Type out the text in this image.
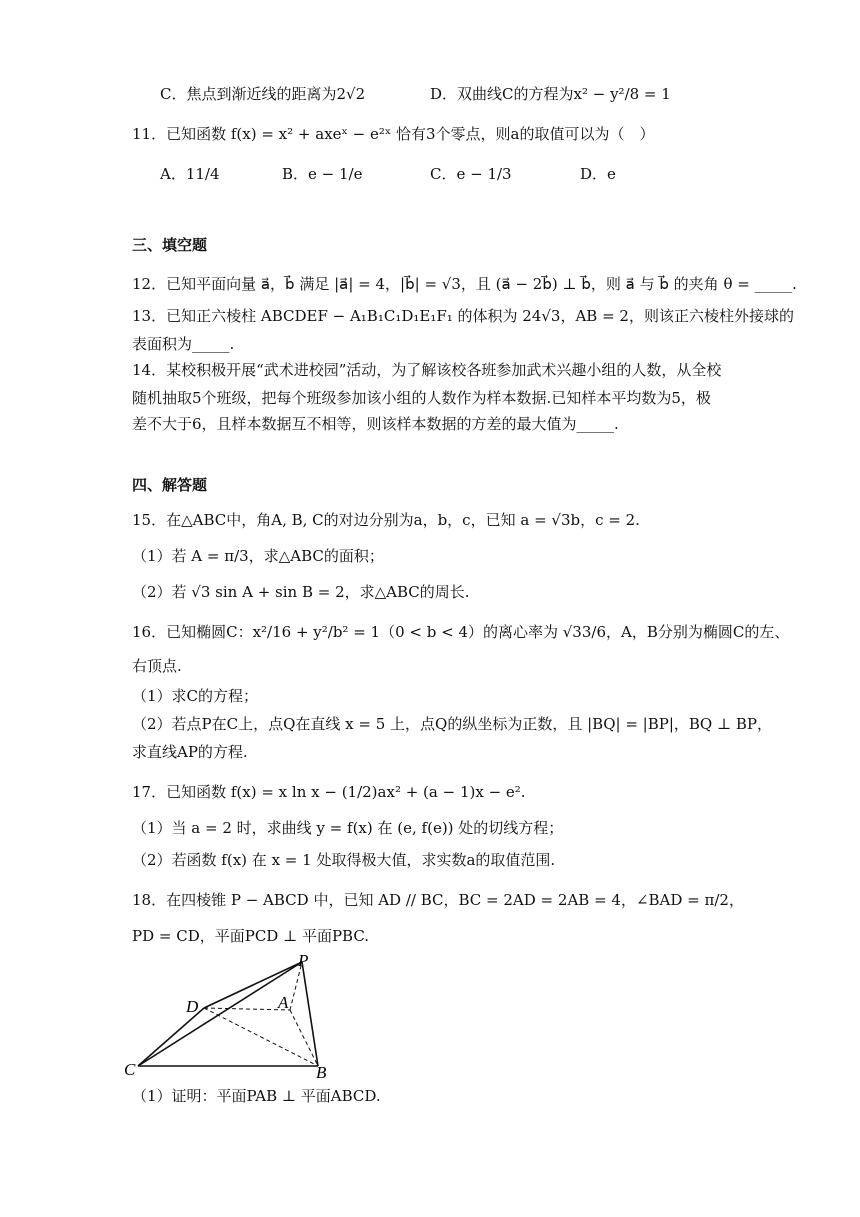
C．焦点到渐近线的距离为2√2	D．双曲线C的方程为x² − y²/8 = 1
11．已知函数 f(x) = x² + axeˣ − e²ˣ 恰有3个零点，则a的取值可以为（　）
A．11/4	B．e − 1/e	C．e − 1/3	D．e
三、填空题
12．已知平面向量 a⃗，b⃗ 满足 |a⃗| = 4，|b⃗| = √3，且 (a⃗ − 2b⃗) ⊥ b⃗，则 a⃗ 与 b⃗ 的夹角 θ = _____.
13．已知正六棱柱 ABCDEF − A₁B₁C₁D₁E₁F₁ 的体积为 24√3，AB = 2，则该正六棱柱外接球的
表面积为_____.
14．某校积极开展“武术进校园”活动，为了解该校各班参加武术兴趣小组的人数，从全校
随机抽取5个班级，把每个班级参加该小组的人数作为样本数据.已知样本平均数为5，极
差不大于6，且样本数据互不相等，则该样本数据的方差的最大值为_____.
四、解答题
15．在△ABC中，角A, B, C的对边分别为a，b，c，已知 a = √3b，c = 2.
（1）若 A = π/3，求△ABC的面积；
（2）若 √3 sin A + sin B = 2，求△ABC的周长.
16．已知椭圆C：x²/16 + y²/b² = 1（0 < b < 4）的离心率为 √33/6，A，B分别为椭圆C的左、
右顶点.
（1）求C的方程；
（2）若点P在C上，点Q在直线 x = 5 上，点Q的纵坐标为正数，且 |BQ| = |BP|，BQ ⊥ BP，
求直线AP的方程.
17．已知函数 f(x) = x ln x − (1/2)ax² + (a − 1)x − e².
（1）当 a = 2 时，求曲线 y = f(x) 在 (e, f(e)) 处的切线方程；
（2）若函数 f(x) 在 x = 1 处取得极大值，求实数a的取值范围.
18．在四棱锥 P − ABCD 中，已知 AD // BC，BC = 2AD = 2AB = 4，∠BAD = π/2，
PD = CD，平面PCD ⊥ 平面PBC.
P
D	A
C	B
（1）证明：平面PAB ⊥ 平面ABCD.
